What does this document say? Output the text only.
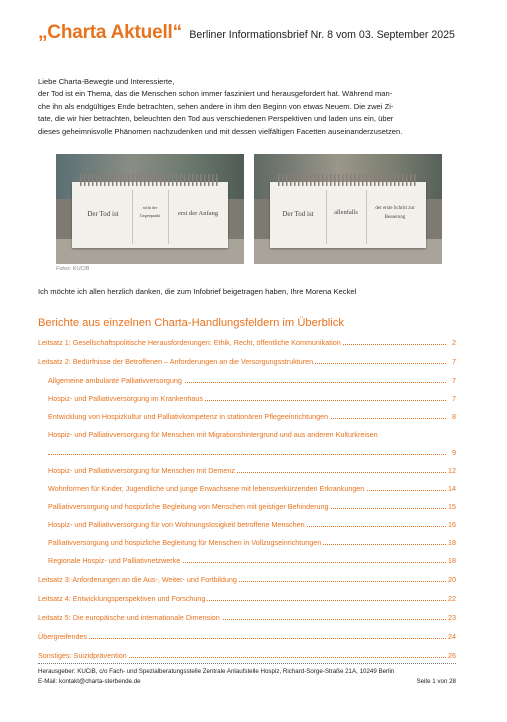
„Charta Aktuell“ Berliner Informationsbrief Nr. 8 vom 03. September 2025

Liebe Charta-Bewegte und Interessierte,

der Tod ist ein Thema, das die Menschen schon immer fasziniert und herausgefordert hat. Während man-

che ihn als endgültiges Ende betrachten, sehen andere in ihm den Beginn von etwas Neuem. Die zwei Zi-

tate, die wir hier betrachten, beleuchten den Tod aus verschiedenen Perspektiven und laden uns ein, über

dieses geheimnisvolle Phänomen nachzudenken und mit dessen vielfältigen Facetten auseinanderzusetzen.

Der Tod ist
nicht der Gegenpunkt	erst der Anfang	Der Tod ist	allenfalls
der erste Schritt zur Besserung
Fotos: KUCiB
Ich möchte ich allen herzlich danken, die zum Infobrief beigetragen haben, Ihre Morena Keckel
Berichte aus einzelnen Charta-Handlungsfeldern im Überblick
Leitsatz 1: Gesellschaftspolitische Herausforderungen: Ethik, Recht, öffentliche Kommunikation	2
Leitsatz 2: Bedürfnisse der Betroffenen – Anforderungen an die Versorgungsstrukturen	7
Allgemeine ambulante Palliativversorgung	7
Hospiz- und Palliativversorgung im Krankenhaus	7
Entwicklung von Hospizkultur und Palliativkompetenz in stationären Pflegeeinrichtungen	8
Hospiz- und Palliativversorgung für Menschen mit Migrationshintergrund und aus anderen Kulturkreisen
9
Hospiz- und Palliativversorgung für Menschen mit Demenz	12
Wohnformen für Kinder, Jugendliche und junge Erwachsene mit lebensverkürzenden Erkrankungen	14
Palliativversorgung und hospizliche Begleitung von Menschen mit geistiger Behinderung	15
Hospiz- und Palliativversorgung für von Wohnungslosigkeit betroffene Menschen	16
Palliativversorgung und hospizliche Begleitung für Menschen in Vollzugseinrichtungen	18
Regionale Hospiz- und Palliativnetzwerke	18
Leitsatz 3: Anforderungen an die Aus-, Weiter- und Fortbildung	20
Leitsatz 4: Entwicklungsperspektiven und Forschung	22
Leitsatz 5: Die europäische und internationale Dimension	23
Übergreifendes	24
Sonstiges: Suizidprävention	26
Herausgeber: KUCiB, c/o Fach- und Spezialberatungsstelle Zentrale Anlaufstelle Hospiz, Richard-Sorge-Straße 21A, 10249 Berlin
E-Mail: kontakt@charta-sterbende.de	Seite 1 von 28
